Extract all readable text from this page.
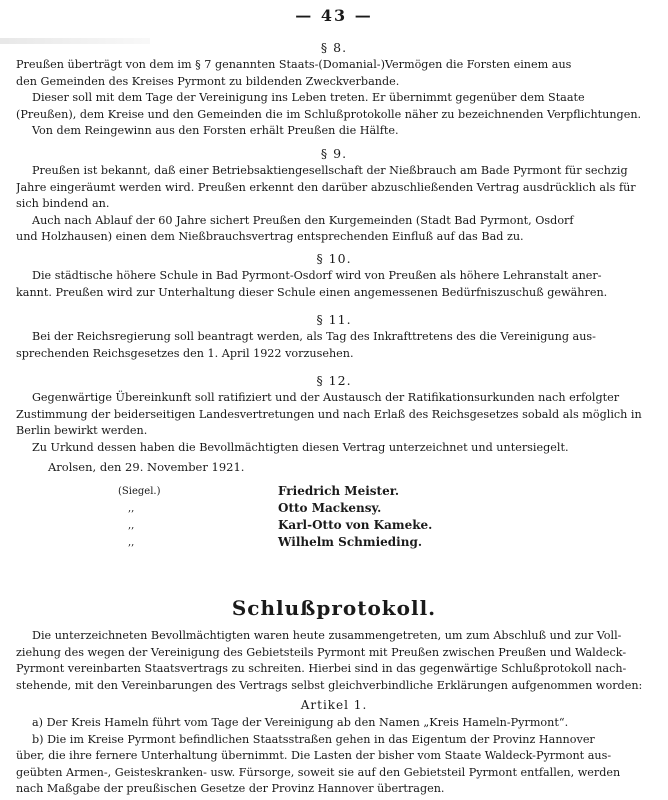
— 43 —
§ 8.
Preußen überträgt von dem im § 7 genannten Staats-(Domanial-)Vermögen die Forsten einem aus
den Gemeinden des Kreises Pyrmont zu bildenden Zweckverbande.
Dieser soll mit dem Tage der Vereinigung ins Leben treten. Er übernimmt gegenüber dem Staate
(Preußen), dem Kreise und den Gemeinden die im Schlußprotokolle näher zu bezeichnenden Verpflichtungen.
Von dem Reingewinn aus den Forsten erhält Preußen die Hälfte.
§ 9.
Preußen ist bekannt, daß einer Betriebsaktiengesellschaft der Nießbrauch am Bade Pyrmont für sechzig
Jahre eingeräumt werden wird. Preußen erkennt den darüber abzuschließenden Vertrag ausdrücklich als für
sich bindend an.
Auch nach Ablauf der 60 Jahre sichert Preußen den Kurgemeinden (Stadt Bad Pyrmont, Osdorf
und Holzhausen) einen dem Nießbrauchsvertrag entsprechenden Einfluß auf das Bad zu.
§ 10.
Die städtische höhere Schule in Bad Pyrmont-Osdorf wird von Preußen als höhere Lehranstalt aner-
kannt. Preußen wird zur Unterhaltung dieser Schule einen angemessenen Bedürfniszuschuß gewähren.
§ 11.
Bei der Reichsregierung soll beantragt werden, als Tag des Inkrafttretens des die Vereinigung aus-
sprechenden Reichsgesetzes den 1. April 1922 vorzusehen.
§ 12.
Gegenwärtige Übereinkunft soll ratifiziert und der Austausch der Ratifikationsurkunden nach erfolgter
Zustimmung der beiderseitigen Landesvertretungen und nach Erlaß des Reichsgesetzes sobald als möglich in
Berlin bewirkt werden.
Zu Urkund dessen haben die Bevollmächtigten diesen Vertrag unterzeichnet und untersiegelt.
Arolsen, den 29. November 1921.
(Siegel.)
,,
,,
,,
Friedrich Meister.
Otto Mackensy.
Karl-Otto von Kameke.
Wilhelm Schmieding.
Schlußprotokoll.
Die unterzeichneten Bevollmächtigten waren heute zusammengetreten, um zum Abschluß und zur Voll-
ziehung des wegen der Vereinigung des Gebietsteils Pyrmont mit Preußen zwischen Preußen und Waldeck-
Pyrmont vereinbarten Staatsvertrags zu schreiten. Hierbei sind in das gegenwärtige Schlußprotokoll nach-
stehende, mit den Vereinbarungen des Vertrags selbst gleichverbindliche Erklärungen aufgenommen worden:
Artikel 1.
a) Der Kreis Hameln führt vom Tage der Vereinigung ab den Namen „Kreis Hameln-Pyrmont“.
b) Die im Kreise Pyrmont befindlichen Staatsstraßen gehen in das Eigentum der Provinz Hannover
über, die ihre fernere Unterhaltung übernimmt. Die Lasten der bisher vom Staate Waldeck-Pyrmont aus-
geübten Armen-, Geisteskranken- usw. Fürsorge, soweit sie auf den Gebietsteil Pyrmont entfallen, werden
nach Maßgabe der preußischen Gesetze der Provinz Hannover übertragen.
